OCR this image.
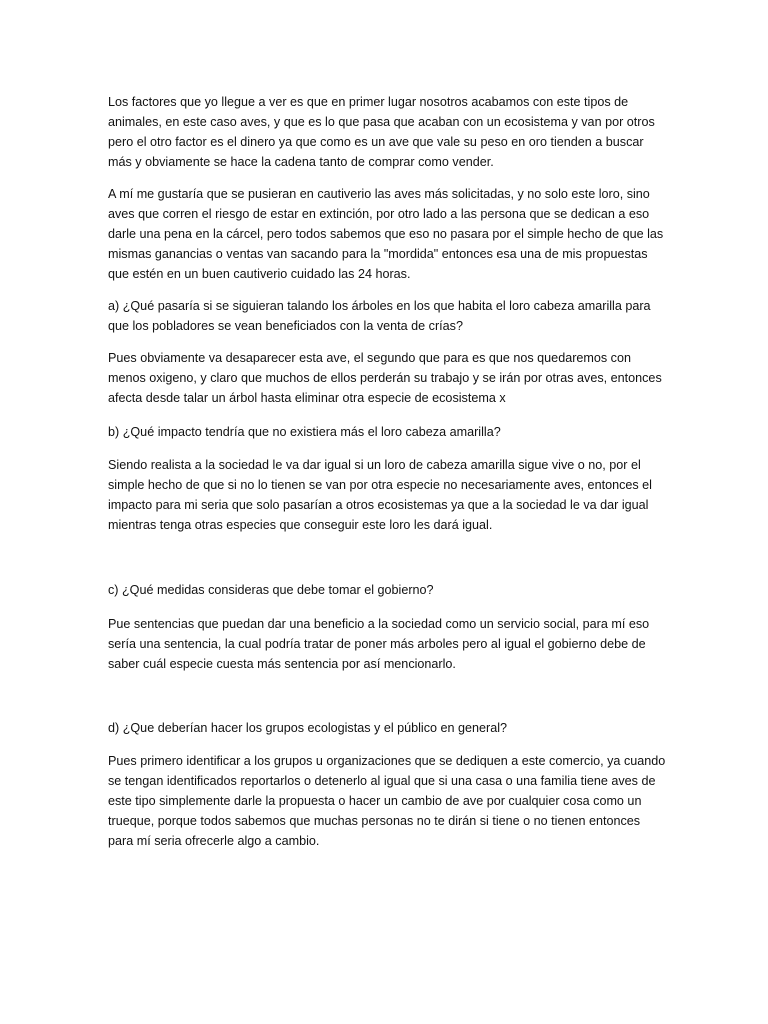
Los factores que yo llegue a ver es que en primer lugar nosotros acabamos con este tipos de animales, en este caso aves, y que es lo que pasa que acaban con un ecosistema y van por otros pero el otro factor es el dinero ya que como es un ave que vale su peso en oro tienden a buscar más y obviamente se hace la cadena tanto de comprar como vender.

A mí me gustaría que se pusieran en cautiverio las aves más solicitadas, y no solo este loro, sino aves que corren el riesgo de estar en extinción, por otro lado a las persona que se dedican a eso darle una pena en la cárcel, pero todos sabemos que eso no pasara por el simple hecho de que las mismas ganancias o ventas van sacando para la "mordida" entonces esa una de mis propuestas que estén en un buen cautiverio cuidado las 24 horas.

a) ¿Qué pasaría si se siguieran talando los árboles en los que habita el loro cabeza amarilla para que los pobladores se vean beneficiados con la venta de crías?

Pues obviamente va desaparecer esta ave, el segundo que para es que nos quedaremos con menos oxigeno, y claro que muchos de ellos perderán su trabajo y se irán por otras aves, entonces afecta desde talar un árbol hasta eliminar otra especie de ecosistema x

b) ¿Qué impacto tendría que no existiera más el loro cabeza amarilla?

Siendo realista a la sociedad le va dar igual si un loro de cabeza amarilla sigue vive o no, por el simple hecho de que si no lo tienen se van por otra especie no necesariamente aves, entonces el impacto para mi seria que solo pasarían a otros ecosistemas ya que a la sociedad le va dar igual mientras tenga otras especies que conseguir este loro les dará igual.

c) ¿Qué medidas consideras que debe tomar el gobierno?

Pue sentencias que puedan dar una beneficio a la sociedad como un servicio social, para mí eso sería una sentencia, la cual podría tratar de poner más arboles pero al igual el gobierno debe de saber cuál especie cuesta más sentencia por así mencionarlo.

d) ¿Que deberían hacer los grupos ecologistas y el público en general?

Pues primero identificar a los grupos u organizaciones que se dediquen a este comercio, ya cuando se tengan identificados reportarlos o detenerlo al igual que si una casa o una familia tiene aves de este tipo simplemente darle la propuesta o hacer un cambio de ave por cualquier cosa como un trueque, porque todos sabemos que muchas personas no te dirán si tiene o no tienen entonces para mí seria ofrecerle algo a cambio.
